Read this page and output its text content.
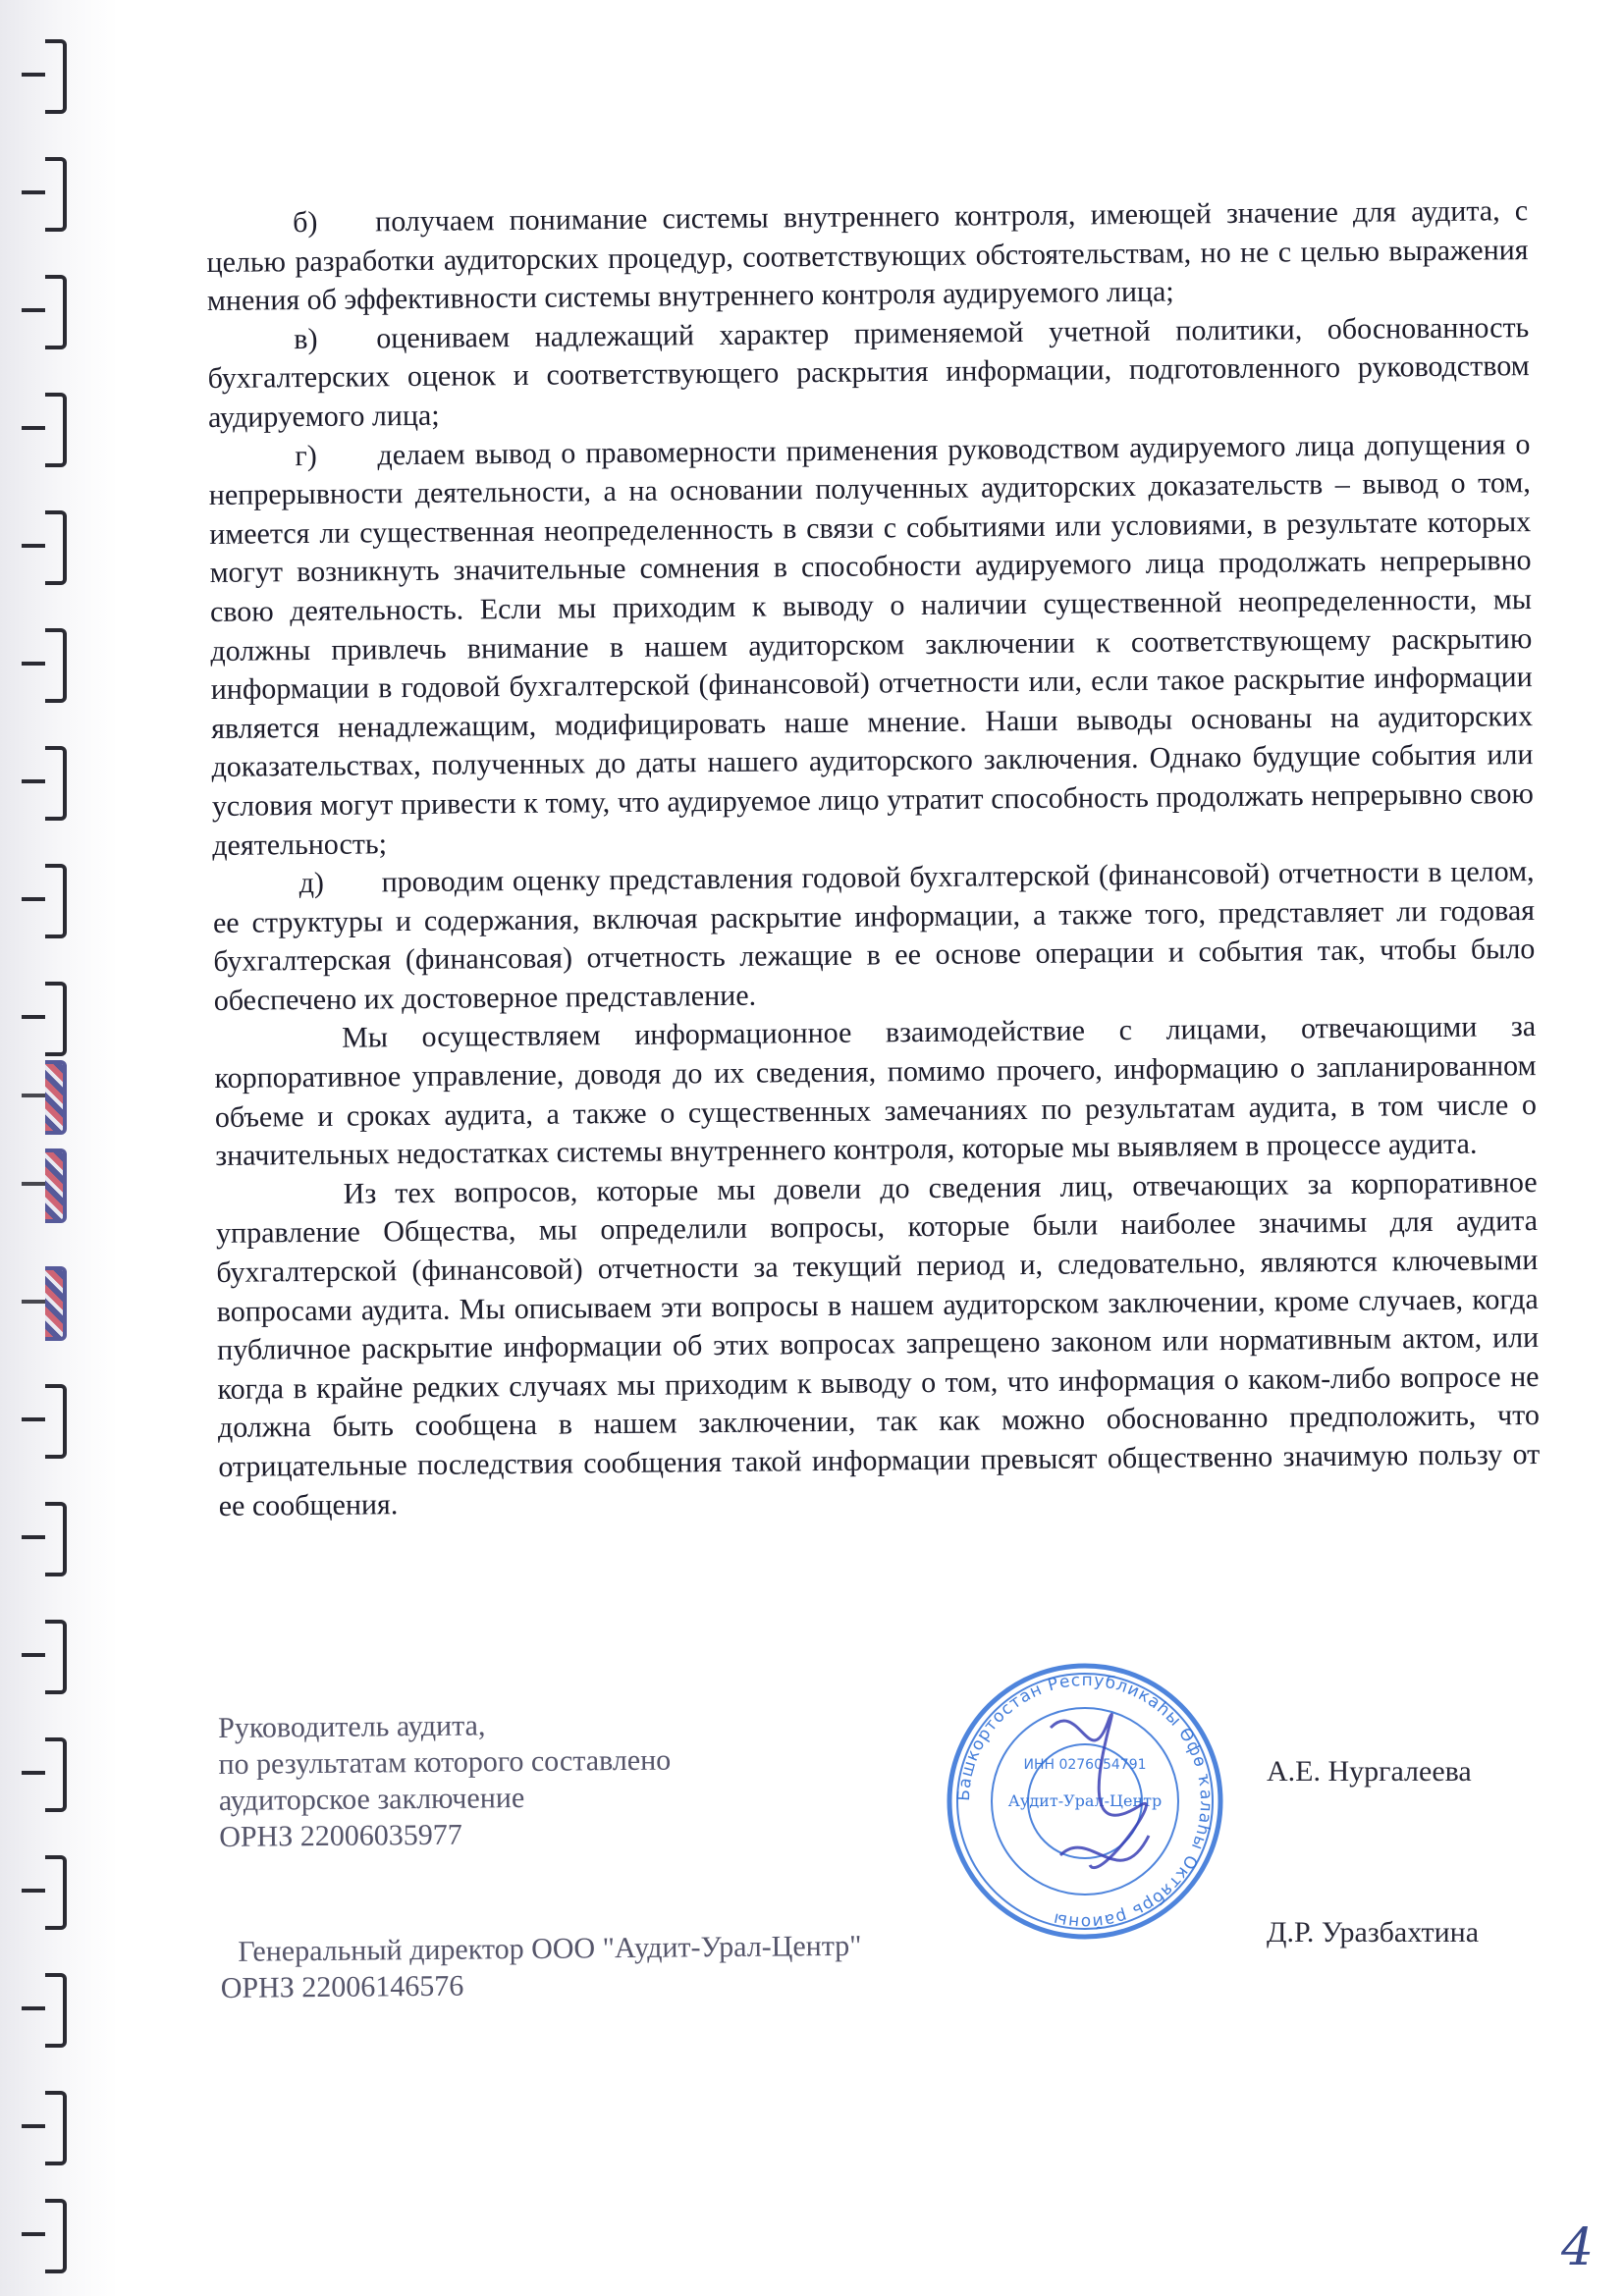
б) получаем понимание системы внутреннего контроля, имеющей значение для аудита, с целью разработки аудиторских процедур, соответствующих обстоятельствам, но не с целью выражения мнения об эффективности системы внутреннего контроля аудируемого лица;

в) оцениваем надлежащий характер применяемой учетной политики, обоснованность бухгалтерских оценок и соответствующего раскрытия информации, подготовленного руководством аудируемого лица;

г) делаем вывод о правомерности применения руководством аудируемого лица допущения о непрерывности деятельности, а на основании полученных аудиторских доказательств – вывод о том, имеется ли существенная неопределенность в связи с событиями или условиями, в результате которых могут возникнуть значительные сомнения в способности аудируемого лица продолжать непрерывно свою деятельность. Если мы приходим к выводу о наличии существенной неопределенности, мы должны привлечь внимание в нашем аудиторском заключении к соответствующему раскрытию информации в годовой бухгалтерской (финансовой) отчетности или, если такое раскрытие информации является ненадлежащим, модифицировать наше мнение. Наши выводы основаны на аудиторских доказательствах, полученных до даты нашего аудиторского заключения. Однако будущие события или условия могут привести к тому, что аудируемое лицо утратит способность продолжать непрерывно свою деятельность;

д) проводим оценку представления годовой бухгалтерской (финансовой) отчетности в целом, ее структуры и содержания, включая раскрытие информации, а также того, представляет ли годовая бухгалтерская (финансовая) отчетность лежащие в ее основе операции и события так, чтобы было обеспечено их достоверное представление.

Мы осуществляем информационное взаимодействие с лицами, отвечающими за корпоративное управление, доводя до их сведения, помимо прочего, информацию о запланированном объеме и сроках аудита, а также о существенных замечаниях по результатам аудита, в том числе о значительных недостатках системы внутреннего контроля, которые мы выявляем в процессе аудита.

Из тех вопросов, которые мы довели до сведения лиц, отвечающих за корпоративное управление Общества, мы определили вопросы, которые были наиболее значимы для аудита бухгалтерской (финансовой) отчетности за текущий период и, следовательно, являются ключевыми вопросами аудита. Мы описываем эти вопросы в нашем аудиторском заключении, кроме случаев, когда публичное раскрытие информации об этих вопросах запрещено законом или нормативным актом, или когда в крайне редких случаях мы приходим к выводу о том, что информация о каком-либо вопросе не должна быть сообщена в нашем заключении, так как можно обоснованно предположить, что отрицательные последствия сообщения такой информации превысят общественно значимую пользу от ее сообщения.

Руководитель аудита,
по результатам которого составлено
аудиторское заключение
ОРНЗ 22006035977
Генеральный директор ООО "Аудит-Урал-Центр"
ОРНЗ 22006146576
А.Е. Нургалеева
Д.Р. Уразбахтина
Башкортостан Республикаһы Өфө ҡалаһы Октябрь районы
ИНН 0276054791
Аудит-Урал-Центр
4
